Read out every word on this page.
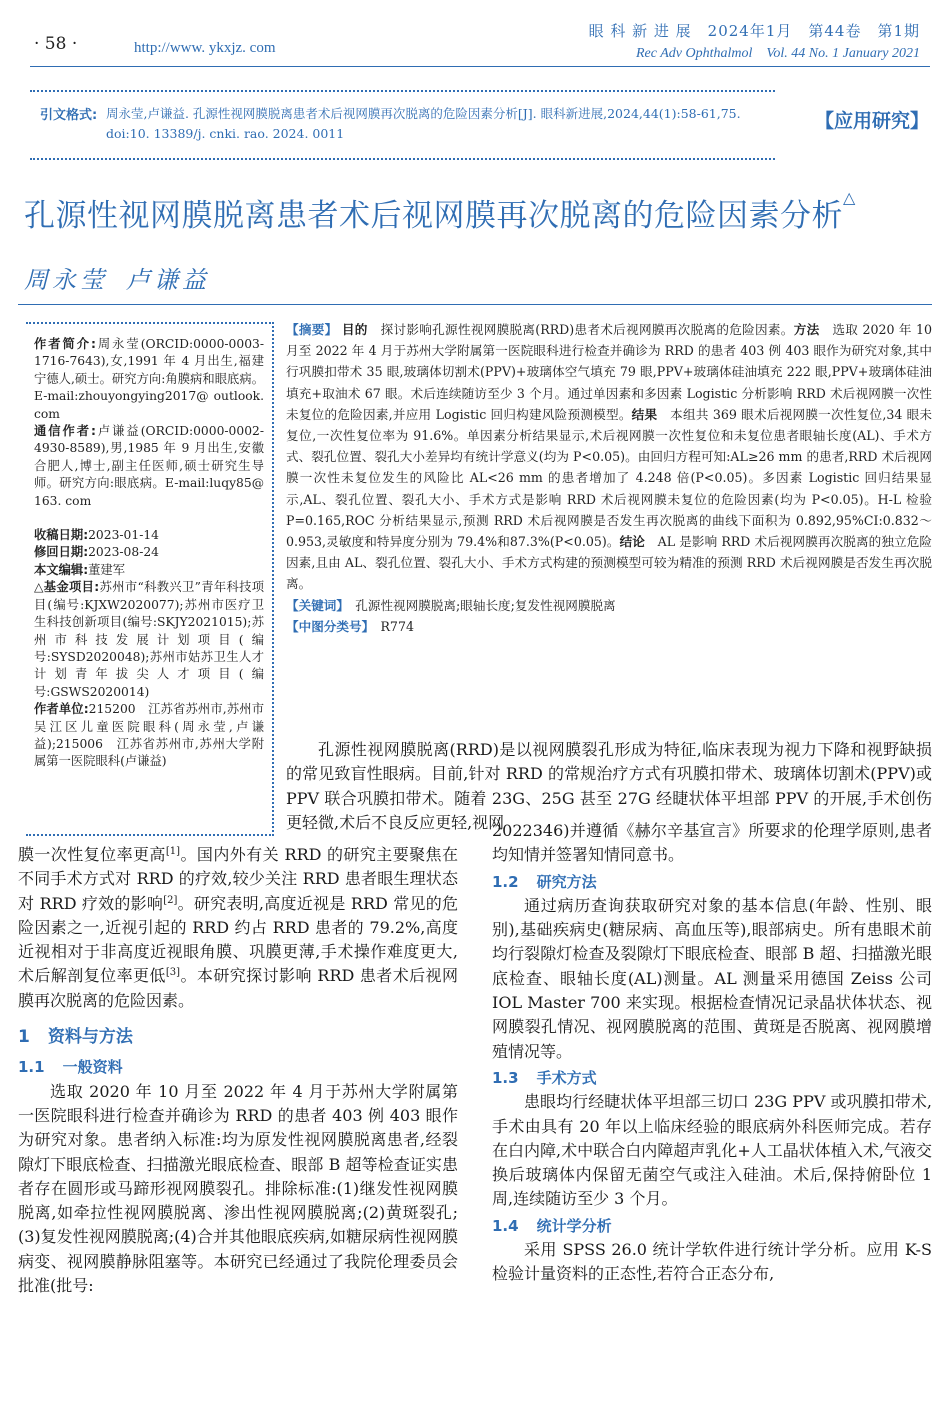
· 58 ·	http://www. ykxjz. com
眼 科 新 进 展　2024年1月　第44卷　第1期
Rec Adv Ophthalmol　Vol. 44 No. 1 January 2021
引文格式: 周永莹,卢谦益. 孔源性视网膜脱离患者术后视网膜再次脱离的危险因素分析[J]. 眼科新进展,2024,44(1):58-61,75. doi:10. 13389/j. cnki. rao. 2024. 0011
【应用研究】
孔源性视网膜脱离患者术后视网膜再次脱离的危险因素分析△
周永莹 卢谦益

作者简介:周永莹(ORCID:0000-0003-1716-7643),女,1991 年 4 月出生,福建宁德人,硕士。研究方向:角膜病和眼底病。E-mail:zhouyongying2017@ outlook. com

通信作者:卢谦益(ORCID:0000-0002-4930-8589),男,1985 年 9 月出生,安徽合肥人,博士,副主任医师,硕士研究生导师。研究方向:眼底病。E-mail:luqy85@ 163. com

收稿日期:2023-01-14

修回日期:2023-08-24

本文编辑:董建军

△基金项目:苏州市“科教兴卫”青年科技项目(编号:KJXW2020077);苏州市医疗卫生科技创新项目(编号:SKJY2021015);苏州市科技发展计划项目(编号:SYSD2020048);苏州市姑苏卫生人才计划青年拔尖人才项目(编号:GSWS2020014)

作者单位:215200　江苏省苏州市,苏州市吴江区儿童医院眼科(周永莹,卢谦益);215006　江苏省苏州市,苏州大学附属第一医院眼科(卢谦益)

【摘要】 目的　 探讨影响孔源性视网膜脱离(RRD)患者术后视网膜再次脱离的危险因素。方法　 选取 2020 年 10 月至 2022 年 4 月于苏州大学附属第一医院眼科进行检查并确诊为 RRD 的患者 403 例 403 眼作为研究对象,其中行巩膜扣带术 35 眼,玻璃体切割术(PPV)+玻璃体空气填充 79 眼,PPV+玻璃体硅油填充 222 眼,PPV+玻璃体硅油填充+取油术 67 眼。术后连续随访至少 3 个月。通过单因素和多因素 Logistic 分析影响 RRD 术后视网膜一次性未复位的危险因素,并应用 Logistic 回归构建风险预测模型。结果　 本组共 369 眼术后视网膜一次性复位,34 眼未复位,一次性复位率为 91.6%。单因素分析结果显示,术后视网膜一次性复位和未复位患者眼轴长度(AL)、手术方式、裂孔位置、裂孔大小差异均有统计学意义(均为 P<0.05)。由回归方程可知:AL≥26 mm 的患者,RRD 术后视网膜一次性未复位发生的风险比 AL<26 mm 的患者增加了 4.248 倍(P<0.05)。多因素 Logistic 回归结果显示,AL、裂孔位置、裂孔大小、手术方式是影响 RRD 术后视网膜未复位的危险因素(均为 P<0.05)。H-L 检验 P=0.165,ROC 分析结果显示,预测 RRD 术后视网膜是否发生再次脱离的曲线下面积为 0.892,95%CI:0.832～0.953,灵敏度和特异度分别为 79.4%和87.3%(P<0.05)。结论　 AL 是影响 RRD 术后视网膜再次脱离的独立危险因素,且由 AL、裂孔位置、裂孔大小、手术方式构建的预测模型可较为精准的预测 RRD 术后视网膜是否发生再次脱离。

【关键词】　 孔源性视网膜脱离;眼轴长度;复发性视网膜脱离

【中图分类号】　 R774

孔源性视网膜脱离(RRD)是以视网膜裂孔形成为特征,临床表现为视力下降和视野缺损的常见致盲性眼病。目前,针对 RRD 的常规治疗方式有巩膜扣带术、玻璃体切割术(PPV)或 PPV 联合巩膜扣带术。随着 23G、25G 甚至 27G 经睫状体平坦部 PPV 的开展,手术创伤更轻微,术后不良反应更轻,视网

膜一次性复位率更高[1]。国内外有关 RRD 的研究主要聚焦在不同手术方式对 RRD 的疗效,较少关注 RRD 患者眼生理状态对 RRD 疗效的影响[2]。研究表明,高度近视是 RRD 常见的危险因素之一,近视引起的 RRD 约占 RRD 患者的 79.2%,高度近视相对于非高度近视眼角膜、巩膜更薄,手术操作难度更大,术后解剖复位率更低[3]。本研究探讨影响 RRD 患者术后视网膜再次脱离的危险因素。

1 资料与方法
1.1 一般资料

选取 2020 年 10 月至 2022 年 4 月于苏州大学附属第一医院眼科进行检查并确诊为 RRD 的患者 403 例 403 眼作为研究对象。患者纳入标准:均为原发性视网膜脱离患者,经裂隙灯下眼底检查、扫描激光眼底检查、眼部 B 超等检查证实患者存在圆形或马蹄形视网膜裂孔。排除标准:(1)继发性视网膜脱离,如牵拉性视网膜脱离、渗出性视网膜脱离;(2)黄斑裂孔;(3)复发性视网膜脱离;(4)合并其他眼底疾病,如糖尿病性视网膜病变、视网膜静脉阻塞等。本研究已经通过了我院伦理委员会批准(批号:

2022346)并遵循《赫尔辛基宣言》所要求的伦理学原则,患者均知情并签署知情同意书。

1.2 研究方法

通过病历查询获取研究对象的基本信息(年龄、性别、眼别),基础疾病史(糖尿病、高血压等),眼部病史。所有患眼术前均行裂隙灯检查及裂隙灯下眼底检查、眼部 B 超、扫描激光眼底检查、眼轴长度(AL)测量。AL 测量采用德国 Zeiss 公司 IOL Master 700 来实现。根据检查情况记录晶状体状态、视网膜裂孔情况、视网膜脱离的范围、黄斑是否脱离、视网膜增殖情况等。

1.3 手术方式

患眼均行经睫状体平坦部三切口 23G PPV 或巩膜扣带术,手术由具有 20 年以上临床经验的眼底病外科医师完成。若存在白内障,术中联合白内障超声乳化+人工晶状体植入术,气液交换后玻璃体内保留无菌空气或注入硅油。术后,保持俯卧位 1 周,连续随访至少 3 个月。

1.4 统计学分析

采用 SPSS 26.0 统计学软件进行统计学分析。应用 K-S 检验计量资料的正态性,若符合正态分布,
